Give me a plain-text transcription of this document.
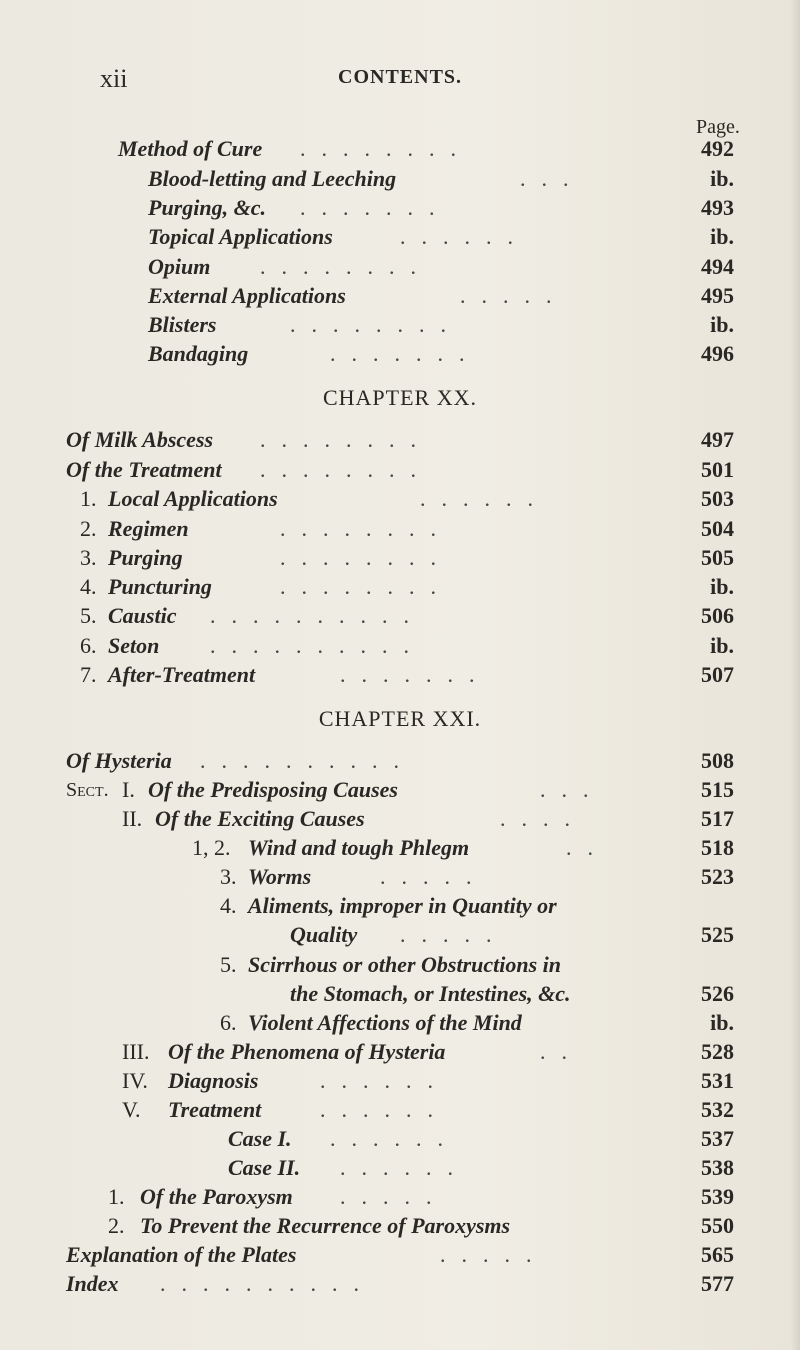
xii	CONTENTS.
Page.
Method of Cure ........	492
Blood-letting and Leeching	...	ib.
Purging, &c. .......	493
Topical Applications	......	ib.
Opium ........	494
External Applications	.....	495
Blisters	........	ib.
Bandaging	.......	496
CHAPTER XX.
Of Milk Abscess ........	497
Of the Treatment ........	501
1. Local Applications	......	503
2. Regimen	........	504
3. Purging	........	505
4. Puncturing	........	ib.
5. Caustic ..........	506
6. Seton ..........	ib.
7. After-Treatment	.......	507
CHAPTER XXI.
Of Hysteria ..........	508
Sect. I. Of the Predisposing Causes	...	515
II. Of the Exciting Causes	....	517
1, 2. Wind and tough Phlegm	..	518
3. Worms	.....	523
4. Aliments, improper in Quantity or
Quality .....	525
5. Scirrhous or other Obstructions in
the Stomach, or Intestines, &c.	526
6. Violent Affections of the Mind	ib.
III. Of the Phenomena of Hysteria	..	528
IV. Diagnosis	......	531
V. Treatment	......	532
Case I. ......	537
Case II. ......	538
1. Of the Paroxysm .....	539
2. To Prevent the Recurrence of Paroxysms	550
Explanation of the Plates	.....	565
Index ..........	577
